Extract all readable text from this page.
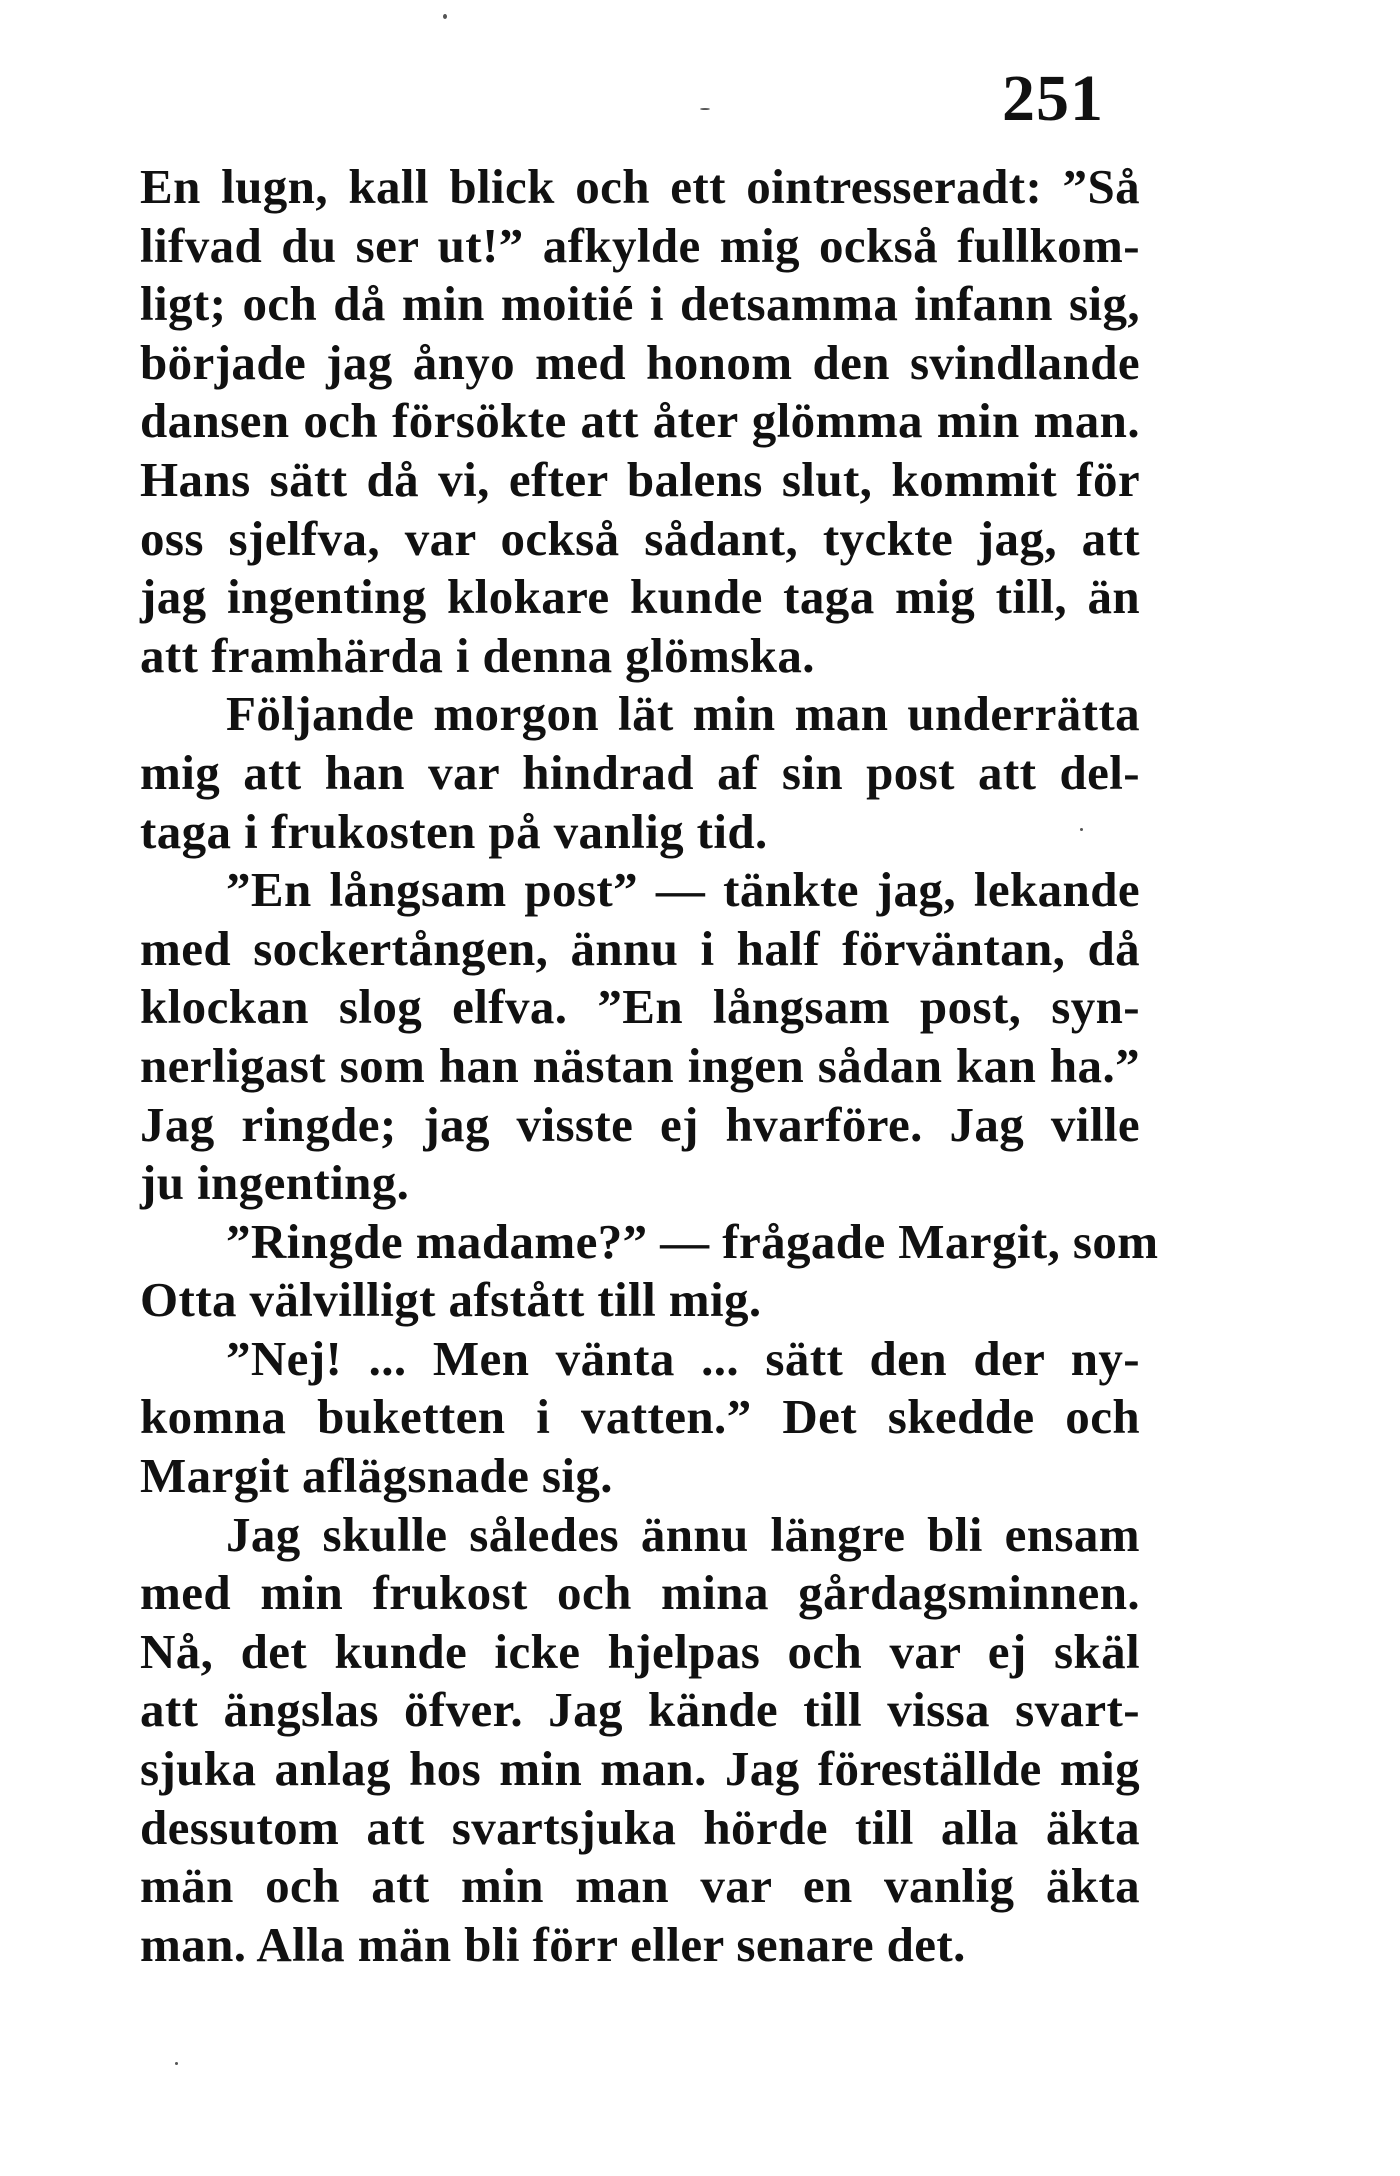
251
En lugn, kall blick och ett ointresseradt: ”Så
lifvad du ser ut!” afkylde mig också fullkom-
ligt; och då min moitié i detsamma infann sig,
började jag ånyo med honom den svindlande
dansen och försökte att åter glömma min man.
Hans sätt då vi, efter balens slut, kommit för
oss sjelfva, var också sådant, tyckte jag, att
jag ingenting klokare kunde taga mig till, än
att framhärda i denna glömska.
Följande morgon lät min man underrätta
mig att han var hindrad af sin post att del-
taga i frukosten på vanlig tid.
”En långsam post” — tänkte jag, lekande
med sockertången, ännu i half förväntan, då
klockan slog elfva. ”En långsam post, syn-
nerligast som han nästan ingen sådan kan ha.”
Jag ringde; jag visste ej hvarföre. Jag ville
ju ingenting.
”Ringde madame?” — frågade Margit, som
Otta välvilligt afstått till mig.
”Nej! ... Men vänta ... sätt den der ny-
komna buketten i vatten.” Det skedde och
Margit aflägsnade sig.
Jag skulle således ännu längre bli ensam
med min frukost och mina gårdagsminnen.
Nå, det kunde icke hjelpas och var ej skäl
att ängslas öfver. Jag kände till vissa svart-
sjuka anlag hos min man. Jag föreställde mig
dessutom att svartsjuka hörde till alla äkta
män och att min man var en vanlig äkta
man. Alla män bli förr eller senare det.
